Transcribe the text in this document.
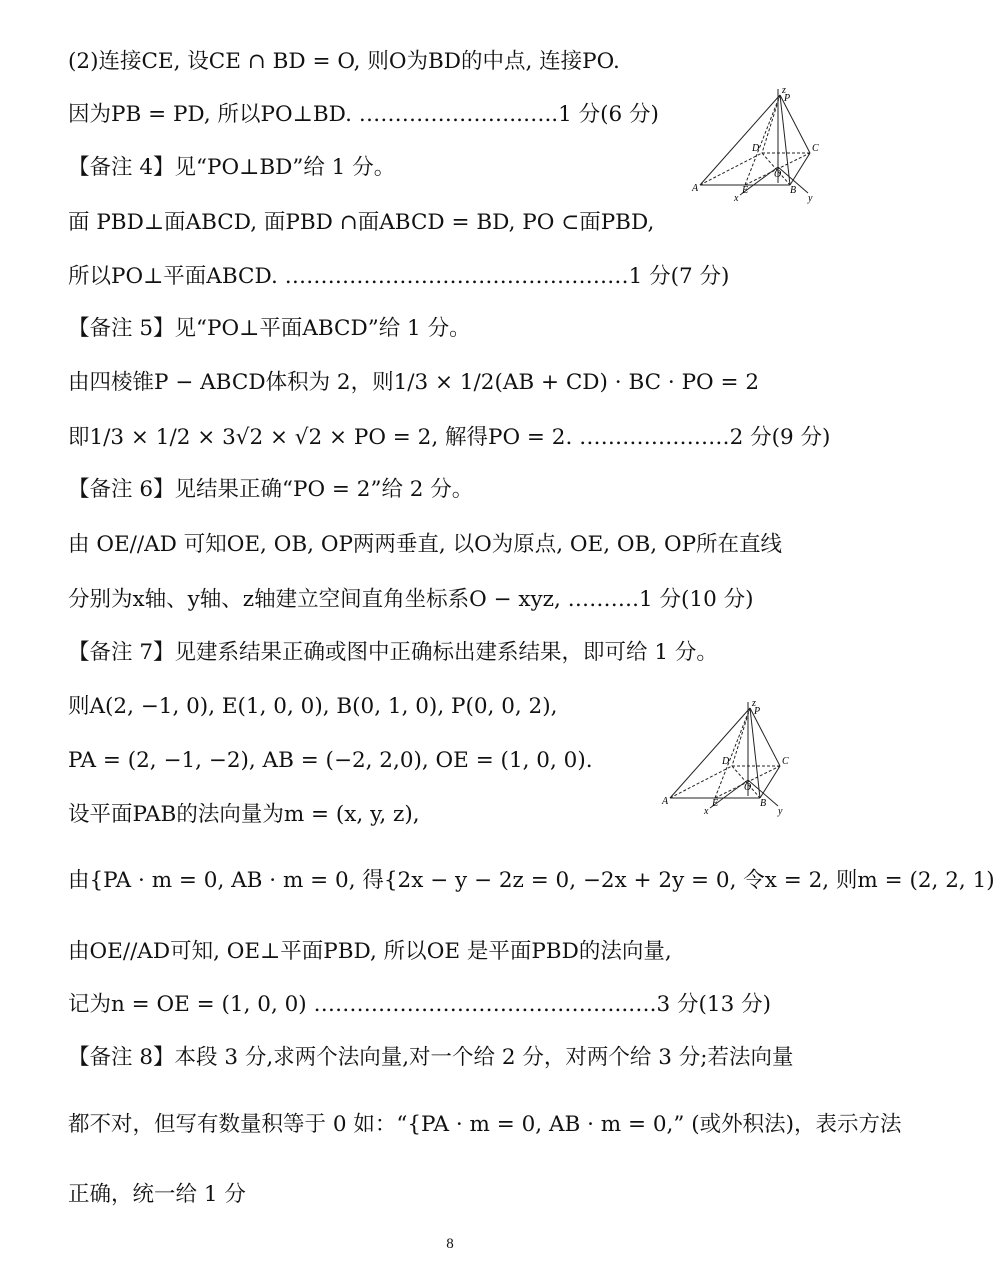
(2)连接CE, 设CE ∩ BD = O, 则O为BD的中点, 连接PO.
因为PB = PD, 所以PO⊥BD. …………………..…..1 分(6 分)
【备注 4】见“PO⊥BD”给 1 分。
面 PBD⊥面ABCD, 面PBD ∩面ABCD = BD, PO ⊂面PBD,
所以PO⊥平面ABCD. …………………………………………1 分(7 分)
【备注 5】见“PO⊥平面ABCD”给 1 分。
由四棱锥P − ABCD体积为 2，则1/3 × 1/2(AB + CD) · BC · PO = 2
即1/3 × 1/2 × 3√2 × √2 × PO = 2, 解得PO = 2. …………………2 分(9 分)
【备注 6】见结果正确“PO = 2”给 2 分。
由 OE//AD 可知OE, OB, OP两两垂直, 以O为原点, OE, OB, OP所在直线
分别为x轴、y轴、z轴建立空间直角坐标系O − xyz, ……….1 分(10 分)
【备注 7】见建系结果正确或图中正确标出建系结果，即可给 1 分。
则A(2, −1, 0), E(1, 0, 0), B(0, 1, 0), P(0, 0, 2),
PA = (2, −1, −2), AB = (−2, 2,0), OE = (1, 0, 0).
设平面PAB的法向量为m = (x, y, z),
由{PA · m = 0, AB · m = 0, 得{2x − y − 2z = 0, −2x + 2y = 0, 令x = 2, 则m = (2, 2, 1)
由OE//AD可知, OE⊥平面PBD, 所以OE 是平面PBD的法向量,
记为n = OE = (1, 0, 0) ……………………………………..….3 分(13 分)
【备注 8】本段 3 分,求两个法向量,对一个给 2 分，对两个给 3 分;若法向量
都不对，但写有数量积等于 0 如：“{PA · m = 0, AB · m = 0,” (或外积法)，表示方法
正确，统一给 1 分
z
P
D	C
O
A	E	B
x	y
z
P
D	C
O
A	E	B
x	y
8
